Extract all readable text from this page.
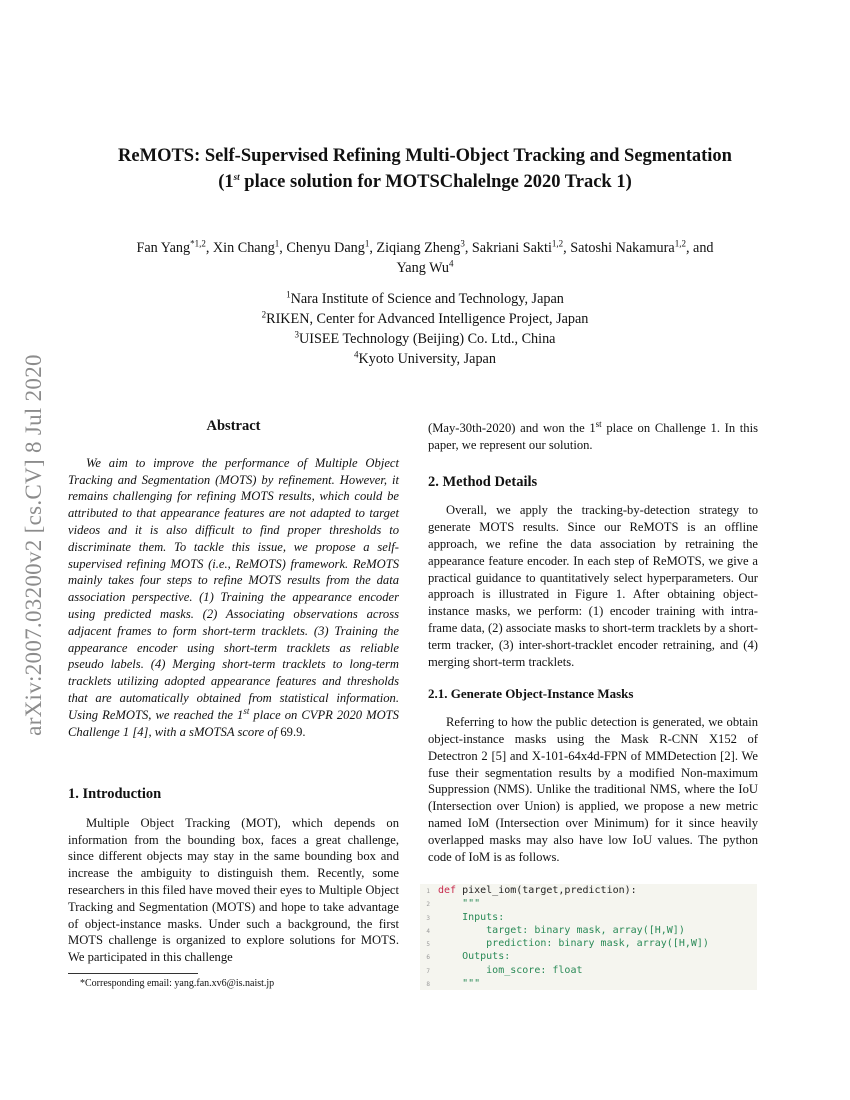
arXiv:2007.03200v2 [cs.CV] 8 Jul 2020
ReMOTS: Self-Supervised Refining Multi-Object Tracking and Segmentation
(1st place solution for MOTSChalelnge 2020 Track 1)
Fan Yang$^{*1,2}$, Xin Chang$^1$, Chenyu Dang$^1$, Ziqiang Zheng$^3$, Sakriani Sakti$^{1,2}$, Satoshi Nakamura$^{1,2}$, and
Yang Wu$^4$
$^1$Nara Institute of Science and Technology, Japan
$^2$RIKEN, Center for Advanced Intelligence Project, Japan
$^3$UISEE Technology (Beijing) Co. Ltd., China
$^4$Kyoto University, Japan
Abstract

We aim to improve the performance of Multiple Object Tracking and Segmentation (MOTS) by refinement. However, it remains challenging for refining MOTS results, which could be attributed to that appearance features are not adapted to target videos and it is also difficult to find proper thresholds to discriminate them. To tackle this issue, we propose a self-supervised refining MOTS (i.e., ReMOTS) framework. ReMOTS mainly takes four steps to refine MOTS results from the data association perspective. (1) Training the appearance encoder using predicted masks. (2) Associating observations across adjacent frames to form short-term tracklets. (3) Training the appearance encoder using short-term tracklets as reliable pseudo labels. (4) Merging short-term tracklets to long-term tracklets utilizing adopted appearance features and thresholds that are automatically obtained from statistical information. Using ReMOTS, we reached the 1st place on CVPR 2020 MOTS Challenge 1 [4], with a sMOTSA score of 69.9.

1. Introduction

Multiple Object Tracking (MOT), which depends on information from the bounding box, faces a great challenge, since different objects may stay in the same bounding box and increase the ambiguity to distinguish them. Recently, some researchers in this filed have moved their eyes to Multiple Object Tracking and Segmentation (MOTS) and hope to take advantage of object-instance masks. Under such a background, the first MOTS challenge is organized to explore solutions for MOTS. We participated in this challenge

*Corresponding email: yang.fan.xv6@is.naist.jp

(May-30th-2020) and won the 1st place on Challenge 1. In this paper, we represent our solution.

2. Method Details

Overall, we apply the tracking-by-detection strategy to generate MOTS results. Since our ReMOTS is an offline approach, we refine the data association by retraining the appearance feature encoder. In each step of ReMOTS, we give a practical guidance to quantitatively select hyperparameters. Our approach is illustrated in Figure 1. After obtaining object-instance masks, we perform: (1) encoder training with intra-frame data, (2) associate masks to short-term tracklets by a short-term tracker, (3) inter-short-tracklet encoder retraining, and (4) merging short-term tracklets.

2.1. Generate Object-Instance Masks

Referring to how the public detection is generated, we obtain object-instance masks using the Mask R-CNN X152 of Detectron 2 [5] and X-101-64x4d-FPN of MMDetection [2]. We fuse their segmentation results by a modified Non-maximum Suppression (NMS). Unlike the traditional NMS, where the IoU (Intersection over Union) is applied, we propose a new metric named IoM (Intersection over Minimum) for it since heavily overlapped masks may also have low IoU values. The python code of IoM is as follows.

1 def pixel_iom(target,prediction):
2    """
3    Inputs:
4        target: binary mask, array([H,W])
5        prediction: binary mask, array([H,W])
6    Outputs:
7        iom_score: float
8    """
